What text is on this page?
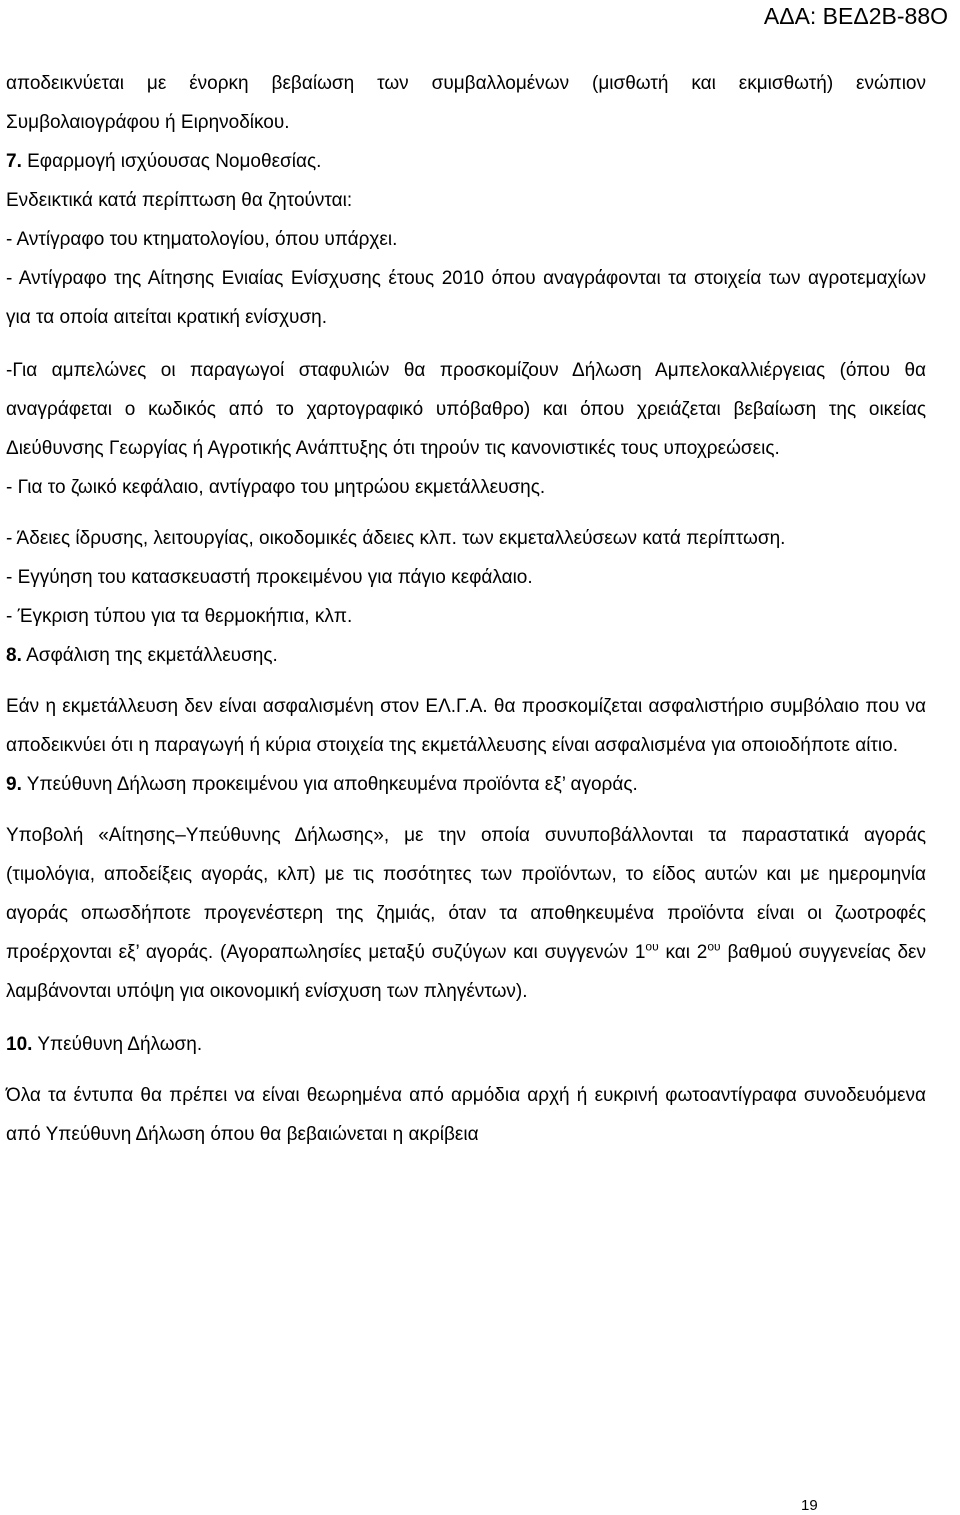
ΑΔΑ: ΒΕΔ2Β-88Ο

αποδεικνύεται με ένορκη βεβαίωση των συμβαλλομένων (μισθωτή και εκμισθωτή) ενώπιον Συμβολαιογράφου ή Ειρηνοδίκου.

7. Εφαρμογή ισχύουσας Νομοθεσίας.

Ενδεικτικά κατά περίπτωση θα ζητούνται:

- Αντίγραφο του κτηματολογίου, όπου υπάρχει.

- Αντίγραφο της Αίτησης Ενιαίας Ενίσχυσης έτους 2010 όπου αναγράφονται τα στοιχεία των αγροτεμαχίων για τα οποία αιτείται κρατική ενίσχυση.

-Για αμπελώνες οι παραγωγοί σταφυλιών θα προσκομίζουν Δήλωση Αμπελοκαλλιέργειας (όπου θα αναγράφεται ο κωδικός από το χαρτογραφικό υπόβαθρο) και όπου χρειάζεται βεβαίωση της οικείας Διεύθυνσης Γεωργίας ή Αγροτικής Ανάπτυξης ότι τηρούν τις κανονιστικές τους υποχρεώσεις.

- Για το ζωικό κεφάλαιο, αντίγραφο του μητρώου εκμετάλλευσης.

- Άδειες ίδρυσης, λειτουργίας, οικοδομικές άδειες κλπ. των εκμεταλλεύσεων κατά περίπτωση.

- Εγγύηση του κατασκευαστή προκειμένου για πάγιο κεφάλαιο.

- Έγκριση τύπου για τα θερμοκήπια, κλπ.

8. Ασφάλιση της εκμετάλλευσης.

Εάν η εκμετάλλευση δεν είναι ασφαλισμένη στον ΕΛ.Γ.Α. θα προσκομίζεται ασφαλιστήριο συμβόλαιο που να αποδεικνύει ότι η παραγωγή ή κύρια στοιχεία της εκμετάλλευσης είναι ασφαλισμένα για οποιοδήποτε αίτιο.

9. Υπεύθυνη Δήλωση προκειμένου για αποθηκευμένα προϊόντα εξ’ αγοράς.

Υποβολή «Αίτησης–Υπεύθυνης Δήλωσης», με την οποία συνυποβάλλονται τα παραστατικά αγοράς (τιμολόγια, αποδείξεις αγοράς, κλπ) με τις ποσότητες των προϊόντων, το είδος αυτών και με ημερομηνία αγοράς οπωσδήποτε προγενέστερη της ζημιάς, όταν τα αποθηκευμένα προϊόντα είναι οι ζωοτροφές προέρχονται εξ’ αγοράς. (Αγοραπωλησίες μεταξύ συζύγων και συγγενών $1^{o\upsilon}$ και $2^{o\upsilon}$ βαθμού συγγενείας δεν λαμβάνονται υπόψη για οικονομική ενίσχυση των πληγέντων).

10. Υπεύθυνη Δήλωση.

Όλα τα έντυπα θα πρέπει να είναι θεωρημένα από αρμόδια αρχή ή ευκρινή φωτοαντίγραφα συνοδευόμενα από Υπεύθυνη Δήλωση όπου θα βεβαιώνεται η ακρίβεια

19
